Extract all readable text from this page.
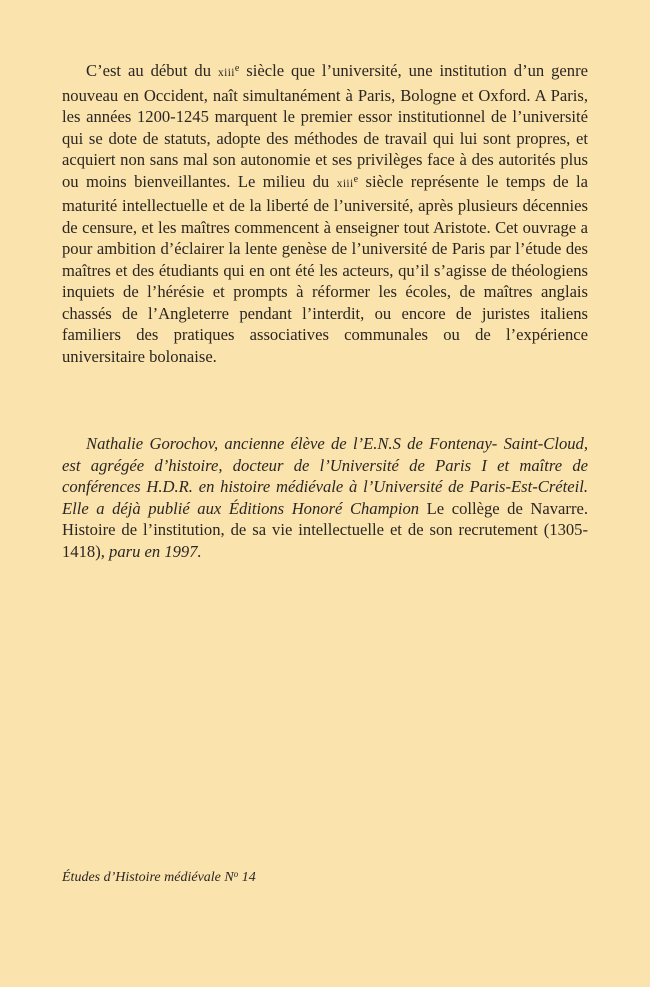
C’est au début du xiii$^e$ siècle que l’université, une institution d’un genre nouveau en Occident, naît simultanément à Paris, Bologne et Oxford. A Paris, les années 1200-1245 marquent le premier essor institutionnel de l’université qui se dote de statuts, adopte des méthodes de travail qui lui sont propres, et acquiert non sans mal son autonomie et ses privilèges face à des autorités plus ou moins bienveillantes. Le milieu du xiii$^e$ siècle représente le temps de la maturité intellectuelle et de la liberté de l’université, après plusieurs décennies de censure, et les maîtres commencent à enseigner tout Aristote. Cet ouvrage a pour ambition d’éclairer la lente genèse de l’université de Paris par l’étude des maîtres et des étudiants qui en ont été les acteurs, qu’il s’agisse de théologiens inquiets de l’hérésie et prompts à réformer les écoles, de maîtres anglais chassés de l’Angleterre pendant l’interdit, ou encore de juristes italiens familiers des pratiques associatives communales ou de l’expérience universitaire bolonaise.

Nathalie Gorochov, ancienne élève de l’E.N.S de Fontenay- Saint-Cloud, est agrégée d’histoire, docteur de l’Université de Paris I et maître de conférences H.D.R. en histoire médiévale à l’Université de Paris-Est-Créteil. Elle a déjà publié aux Éditions Honoré Champion Le collège de Navarre. Histoire de l’institution, de sa vie intellectuelle et de son recrutement (1305-1418), paru en 1997.

Études d’Histoire médiévale $N^o$ 14
